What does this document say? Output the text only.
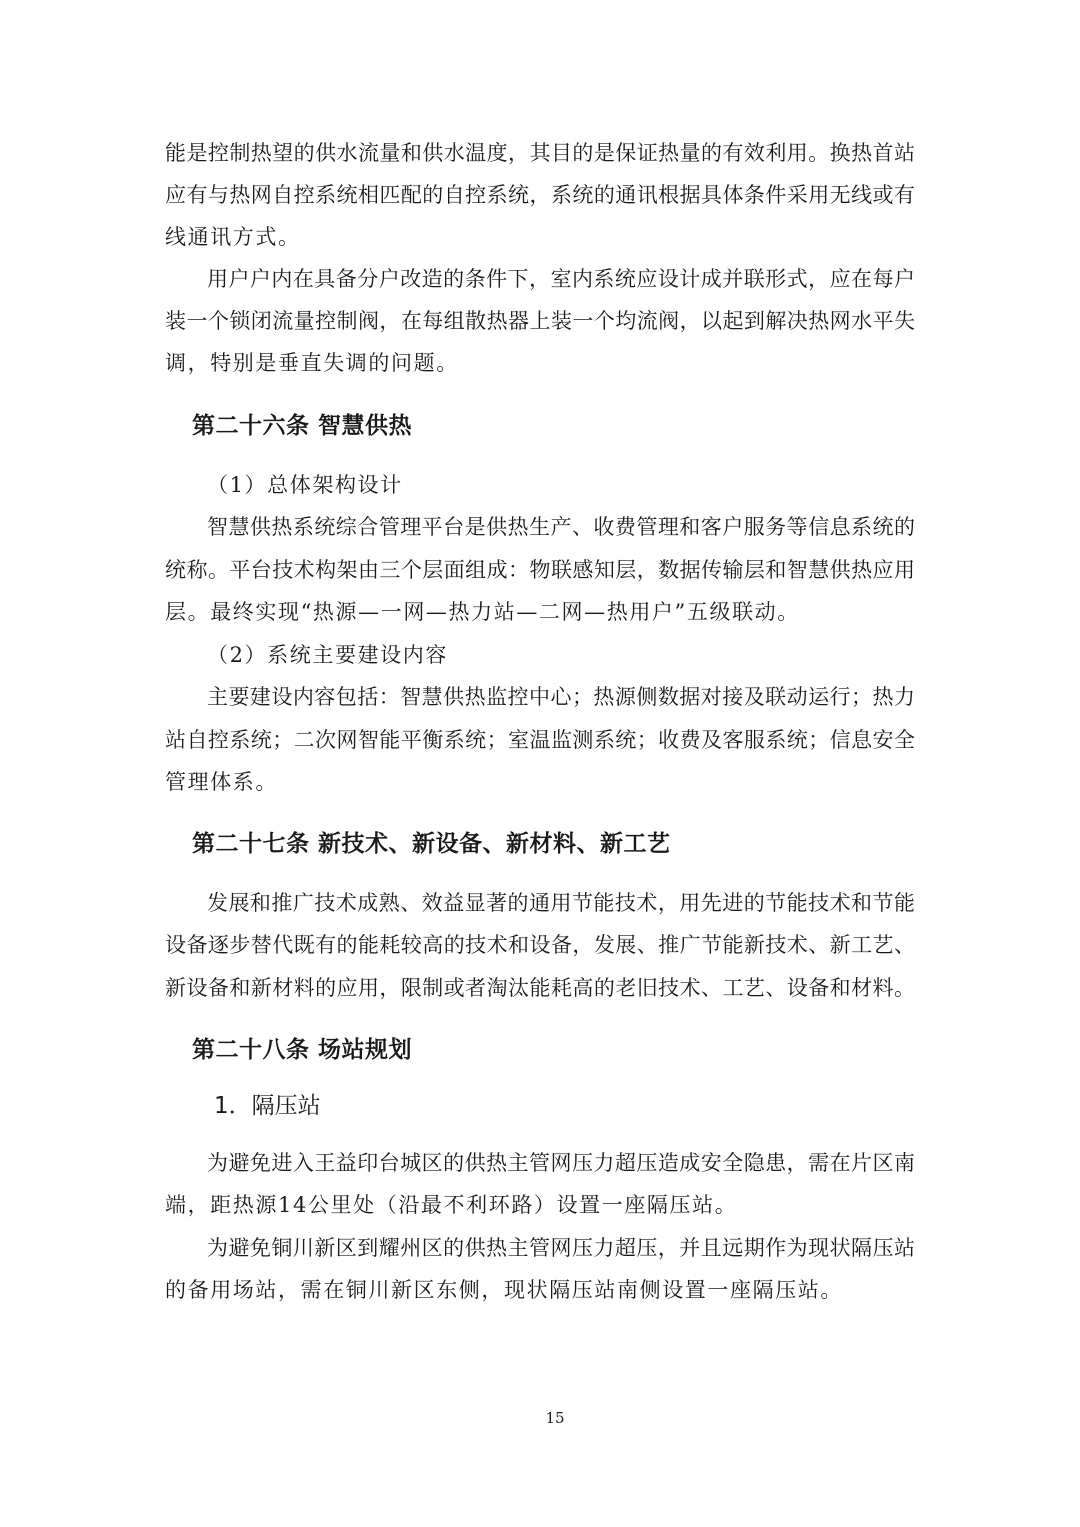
能是控制热望的供水流量和供水温度，其目的是保证热量的有效利用。换热首站
应有与热网自控系统相匹配的自控系统，系统的通讯根据具体条件采用无线或有
线通讯方式。
用户户内在具备分户改造的条件下，室内系统应设计成并联形式，应在每户
装一个锁闭流量控制阀，在每组散热器上装一个均流阀，以起到解决热网水平失
调，特别是垂直失调的问题。
第二十六条 智慧供热
（1）总体架构设计
智慧供热系统综合管理平台是供热生产、收费管理和客户服务等信息系统的
统称。平台技术构架由三个层面组成：物联感知层，数据传输层和智慧供热应用
层。最终实现“热源—一网—热力站—二网—热用户”五级联动。
（2）系统主要建设内容
主要建设内容包括：智慧供热监控中心；热源侧数据对接及联动运行；热力
站自控系统；二次网智能平衡系统；室温监测系统；收费及客服系统；信息安全
管理体系。
第二十七条 新技术、新设备、新材料、新工艺
发展和推广技术成熟、效益显著的通用节能技术，用先进的节能技术和节能
设备逐步替代既有的能耗较高的技术和设备，发展、推广节能新技术、新工艺、
新设备和新材料的应用，限制或者淘汰能耗高的老旧技术、工艺、设备和材料。
第二十八条 场站规划
1．隔压站
为避免进入王益印台城区的供热主管网压力超压造成安全隐患，需在片区南
端，距热源14公里处（沿最不利环路）设置一座隔压站。
为避免铜川新区到耀州区的供热主管网压力超压，并且远期作为现状隔压站
的备用场站，需在铜川新区东侧，现状隔压站南侧设置一座隔压站。
15
